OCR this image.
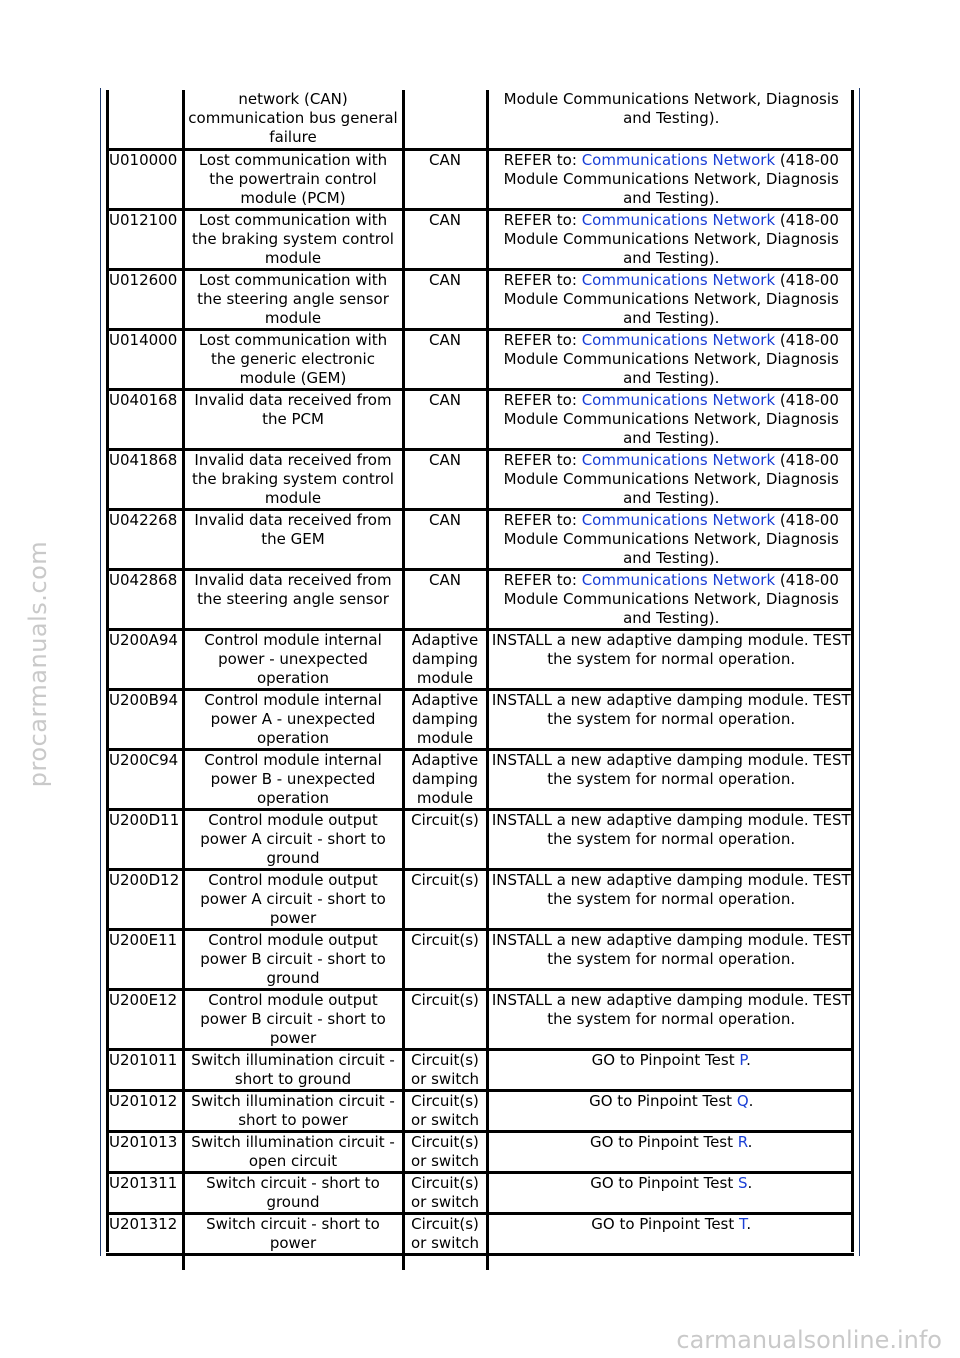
	network (CAN) communication bus general failure		Module Communications Network, Diagnosis and Testing).
U010000	Lost communication with the powertrain control module (PCM)	CAN	REFER to: Communications Network (418-00 Module Communications Network, Diagnosis and Testing).
U012100	Lost communication with the braking system control module	CAN	REFER to: Communications Network (418-00 Module Communications Network, Diagnosis and Testing).
U012600	Lost communication with the steering angle sensor module	CAN	REFER to: Communications Network (418-00 Module Communications Network, Diagnosis and Testing).
U014000	Lost communication with the generic electronic module (GEM)	CAN	REFER to: Communications Network (418-00 Module Communications Network, Diagnosis and Testing).
U040168	Invalid data received from the PCM	CAN	REFER to: Communications Network (418-00 Module Communications Network, Diagnosis and Testing).
U041868	Invalid data received from the braking system control module	CAN	REFER to: Communications Network (418-00 Module Communications Network, Diagnosis and Testing).
U042268	Invalid data received from the GEM	CAN	REFER to: Communications Network (418-00 Module Communications Network, Diagnosis and Testing).
U042868	Invalid data received from the steering angle sensor	CAN	REFER to: Communications Network (418-00 Module Communications Network, Diagnosis and Testing).
U200A94	Control module internal power - unexpected operation	Adaptive damping module	INSTALL a new adaptive damping module. TEST the system for normal operation.
U200B94	Control module internal power A - unexpected operation	Adaptive damping module	INSTALL a new adaptive damping module. TEST the system for normal operation.
U200C94	Control module internal power B - unexpected operation	Adaptive damping module	INSTALL a new adaptive damping module. TEST the system for normal operation.
U200D11	Control module output power A circuit - short to ground	Circuit(s)	INSTALL a new adaptive damping module. TEST the system for normal operation.
U200D12	Control module output power A circuit - short to power	Circuit(s)	INSTALL a new adaptive damping module. TEST the system for normal operation.
U200E11	Control module output power B circuit - short to ground	Circuit(s)	INSTALL a new adaptive damping module. TEST the system for normal operation.
U200E12	Control module output power B circuit - short to power	Circuit(s)	INSTALL a new adaptive damping module. TEST the system for normal operation.
U201011	Switch illumination circuit - short to ground	Circuit(s) or switch	GO to Pinpoint Test P.
U201012	Switch illumination circuit - short to power	Circuit(s) or switch	GO to Pinpoint Test Q.
U201013	Switch illumination circuit - open circuit	Circuit(s) or switch	GO to Pinpoint Test R.
U201311	Switch circuit - short to ground	Circuit(s) or switch	GO to Pinpoint Test S.
U201312	Switch circuit - short to power	Circuit(s) or switch	GO to Pinpoint Test T.

procarmanuals.com
carmanualsonline.info
